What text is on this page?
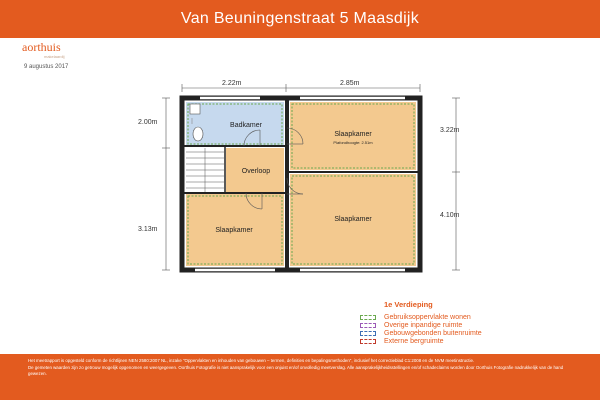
Van Beuningenstraat 5 Maasdijk
aorthuis
makelaardij
9 augustus 2017
Badkamer
Overloop
Slaapkamer
Plafondhoogte: 2.51m
Slaapkamer
Slaapkamer
2.22m	2.85m
2.00m
3.13m
3.22m
4.10m
1e Verdieping
Gebruiksoppervlakte wonen
Overige inpandige ruimte
Gebouwgebonden buitenruimte
Externe bergruimte

Het meetrapport is opgesteld conform de richtlijnen NEN 2580:2007 NL, inzake "Oppervlakten en inhouden van gebouwen – termen, definities en bepalingsmethoden", inclusief het correctieblad C1:2008 en de NVM meetinstructie.

De gemeten waarden zijn zo getrouw mogelijk opgenomen en weergegeven. Oorthuis Fotografie is niet aansprakelijk voor een onjuist en/of onvolledig meetverslag. Alle aansprakelijkheidsstellingen en/of schadeclaims worden door Oorthuis Fotografie nadrukkelijk van de hand gewezen.
